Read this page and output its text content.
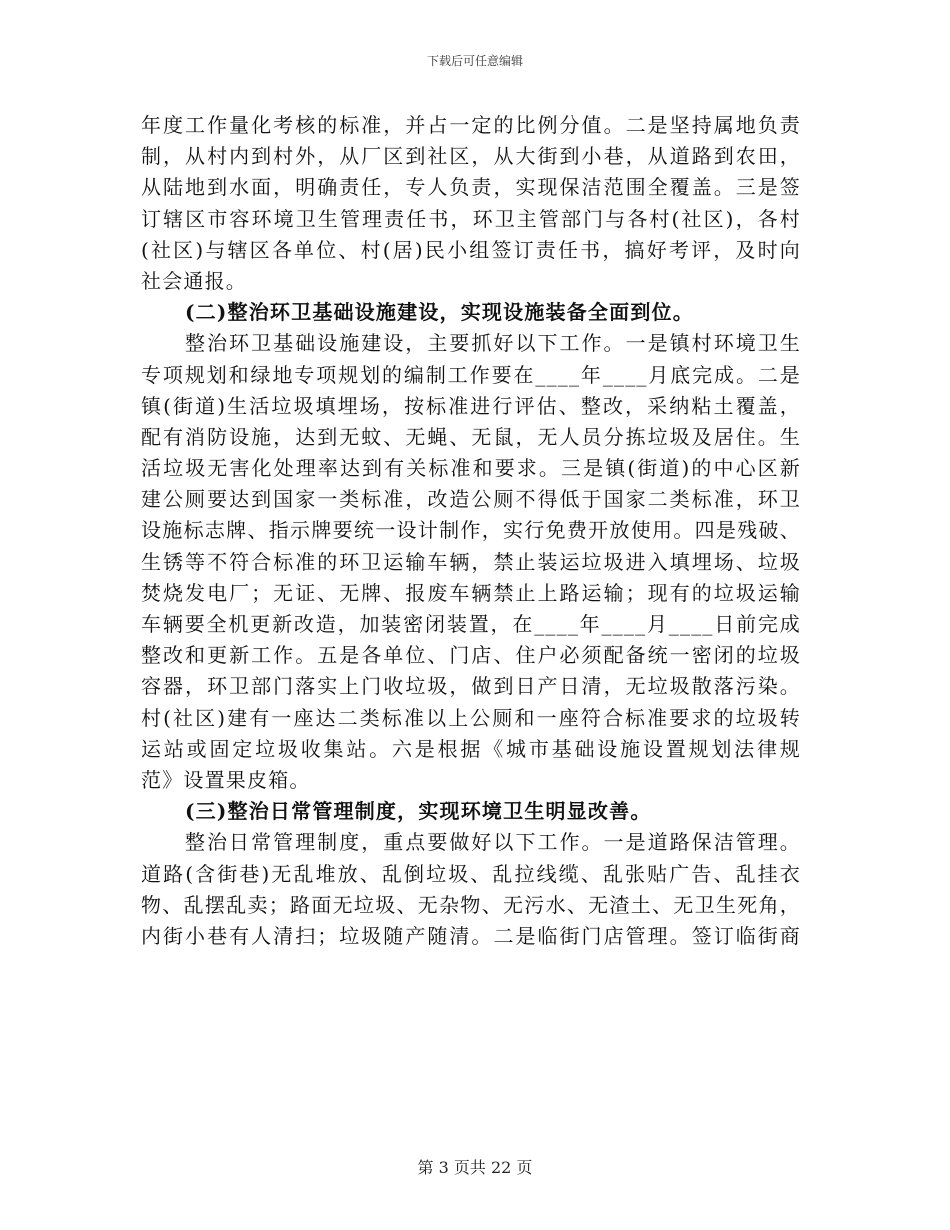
下载后可任意编辑
年度工作量化考核的标准，并占一定的比例分值。二是坚持属地负责
制，从村内到村外，从厂区到社区，从大街到小巷，从道路到农田，
从陆地到水面，明确责任，专人负责，实现保洁范围全覆盖。三是签
订辖区市容环境卫生管理责任书，环卫主管部门与各村(社区)，各村
(社区)与辖区各单位、村(居)民小组签订责任书，搞好考评，及时向
社会通报。
(二)整治环卫基础设施建设，实现设施装备全面到位。
整治环卫基础设施建设，主要抓好以下工作。一是镇村环境卫生
专项规划和绿地专项规划的编制工作要在____年____月底完成。二是
镇(街道)生活垃圾填埋场，按标准进行评估、整改，采纳粘土覆盖，
配有消防设施，达到无蚊、无蝇、无鼠，无人员分拣垃圾及居住。生
活垃圾无害化处理率达到有关标准和要求。三是镇(街道)的中心区新
建公厕要达到国家一类标准，改造公厕不得低于国家二类标准，环卫
设施标志牌、指示牌要统一设计制作，实行免费开放使用。四是残破、
生锈等不符合标准的环卫运输车辆，禁止装运垃圾进入填埋场、垃圾
焚烧发电厂；无证、无牌、报废车辆禁止上路运输；现有的垃圾运输
车辆要全机更新改造，加装密闭装置，在____年____月____日前完成
整改和更新工作。五是各单位、门店、住户必须配备统一密闭的垃圾
容器，环卫部门落实上门收垃圾，做到日产日清，无垃圾散落污染。
村(社区)建有一座达二类标准以上公厕和一座符合标准要求的垃圾转
运站或固定垃圾收集站。六是根据《城市基础设施设置规划法律规
范》设置果皮箱。
(三)整治日常管理制度，实现环境卫生明显改善。
整治日常管理制度，重点要做好以下工作。一是道路保洁管理。
道路(含街巷)无乱堆放、乱倒垃圾、乱拉线缆、乱张贴广告、乱挂衣
物、乱摆乱卖；路面无垃圾、无杂物、无污水、无渣土、无卫生死角，
内街小巷有人清扫；垃圾随产随清。二是临街门店管理。签订临街商
第 3 页共 22 页
